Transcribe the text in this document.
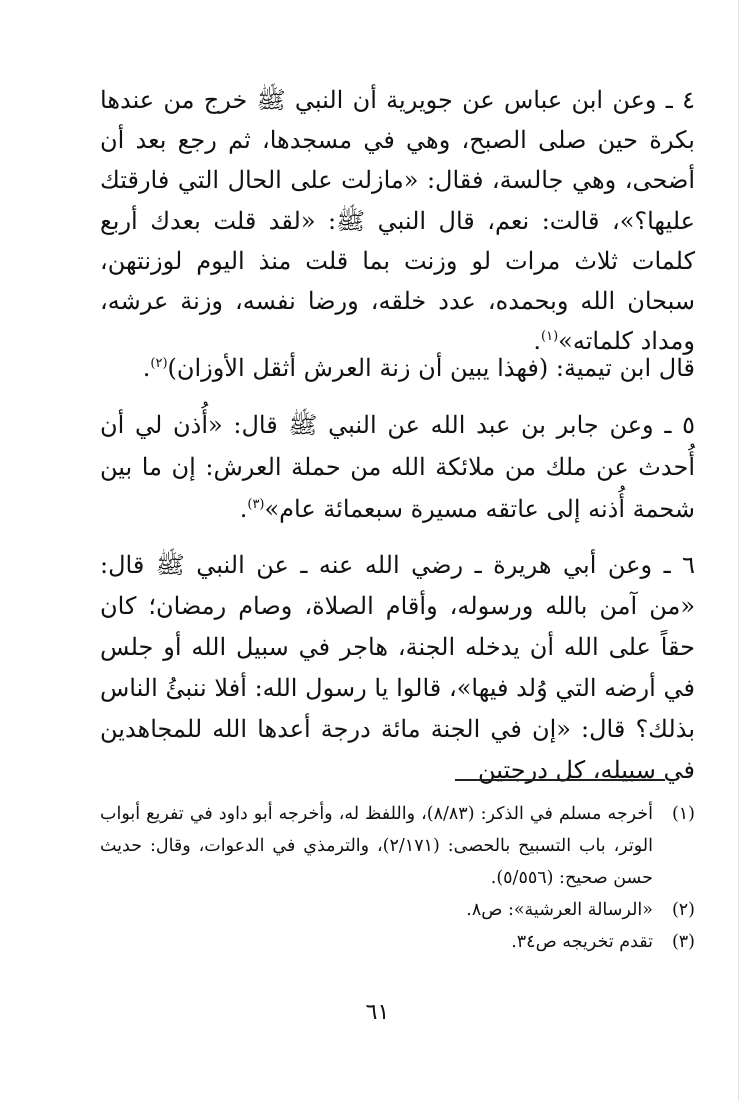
٤ ـ وعن ابن عباس عن جويرية أن النبي ﷺ خرج من عندها بكرة حين صلى الصبح، وهي في مسجدها، ثم رجع بعد أن أضحى، وهي جالسة، فقال: «مازلت على الحال التي فارقتك عليها؟»، قالت: نعم، قال النبي ﷺ: «لقد قلت بعدك أربع كلمات ثلاث مرات لو وزنت بما قلت منذ اليوم لوزنتهن، سبحان الله وبحمده، عدد خلقه، ورضا نفسه، وزنة عرشه، ومداد كلماته»$^{(١)}$.
قال ابن تيمية: (فهذا يبين أن زنة العرش أثقل الأوزان)$^{(٢)}$.
٥ ـ وعن جابر بن عبد الله عن النبي ﷺ قال: «أُذن لي أن أُحدث عن ملك من ملائكة الله من حملة العرش: إن ما بين شحمة أُذنه إلى عاتقه مسيرة سبعمائة عام»$^{(٣)}$.
٦ ـ وعن أبي هريرة ـ رضي الله عنه ـ عن النبي ﷺ قال: «من آمن بالله ورسوله، وأقام الصلاة، وصام رمضان؛ كان حقاً على الله أن يدخله الجنة، هاجر في سبيل الله أو جلس في أرضه التي وُلد فيها»، قالوا يا رسول الله: أفلا ننبئُ الناس بذلك؟ قال: «إن في الجنة مائة درجة أعدها الله للمجاهدين في سبيله، كل درجتين
(١)
أخرجه مسلم في الذكر: (٨/٨٣)، واللفظ له، وأخرجه أبو داود في تفريع أبواب الوتر، باب التسبيح بالحصى: (٢/١٧١)، والترمذي في الدعوات، وقال: حديث حسن صحيح: (٥/٥٥٦).
(٢)
«الرسالة العرشية»: ص٨.
(٣)
تقدم تخريجه ص٣٤.
٦١
